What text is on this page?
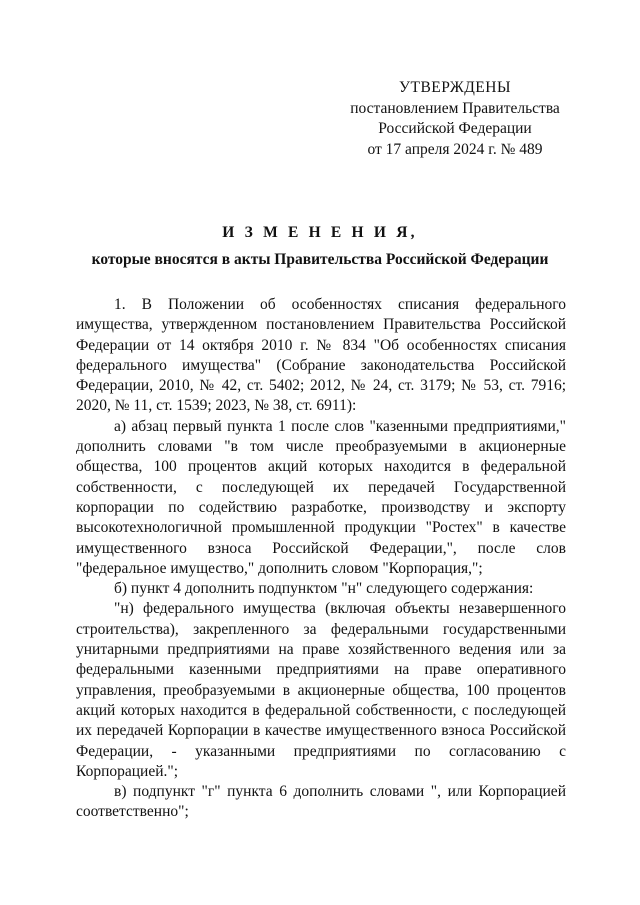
УТВЕРЖДЕНЫ
постановлением Правительства
Российской Федерации
от 17 апреля 2024 г. № 489
И З М Е Н Е Н И Я,
которые вносятся в акты Правительства Российской Федерации

1. В Положении об особенностях списания федерального имущества, утвержденном постановлением Правительства Российской Федерации от 14 октября 2010 г. № 834 "Об особенностях списания федерального имущества" (Собрание законодательства Российской Федерации, 2010, № 42, ст. 5402; 2012, № 24, ст. 3179; № 53, ст. 7916; 2020, № 11, ст. 1539; 2023, № 38, ст. 6911):

а) абзац первый пункта 1 после слов "казенными предприятиями," дополнить словами "в том числе преобразуемыми в акционерные общества, 100 процентов акций которых находится в федеральной собственности, с последующей их передачей Государственной корпорации по содействию разработке, производству и экспорту высокотехнологичной промышленной продукции "Ростех" в качестве имущественного взноса Российской Федерации,", после слов "федеральное имущество," дополнить словом "Корпорация,";

б) пункт 4 дополнить подпунктом "н" следующего содержания:

"н) федерального имущества (включая объекты незавершенного строительства), закрепленного за федеральными государственными унитарными предприятиями на праве хозяйственного ведения или за федеральными казенными предприятиями на праве оперативного управления, преобразуемыми в акционерные общества, 100 процентов акций которых находится в федеральной собственности, с последующей их передачей Корпорации в качестве имущественного взноса Российской Федерации, - указанными предприятиями по согласованию с Корпорацией.";

в) подпункт "г" пункта 6 дополнить словами ", или Корпорацией соответственно";
